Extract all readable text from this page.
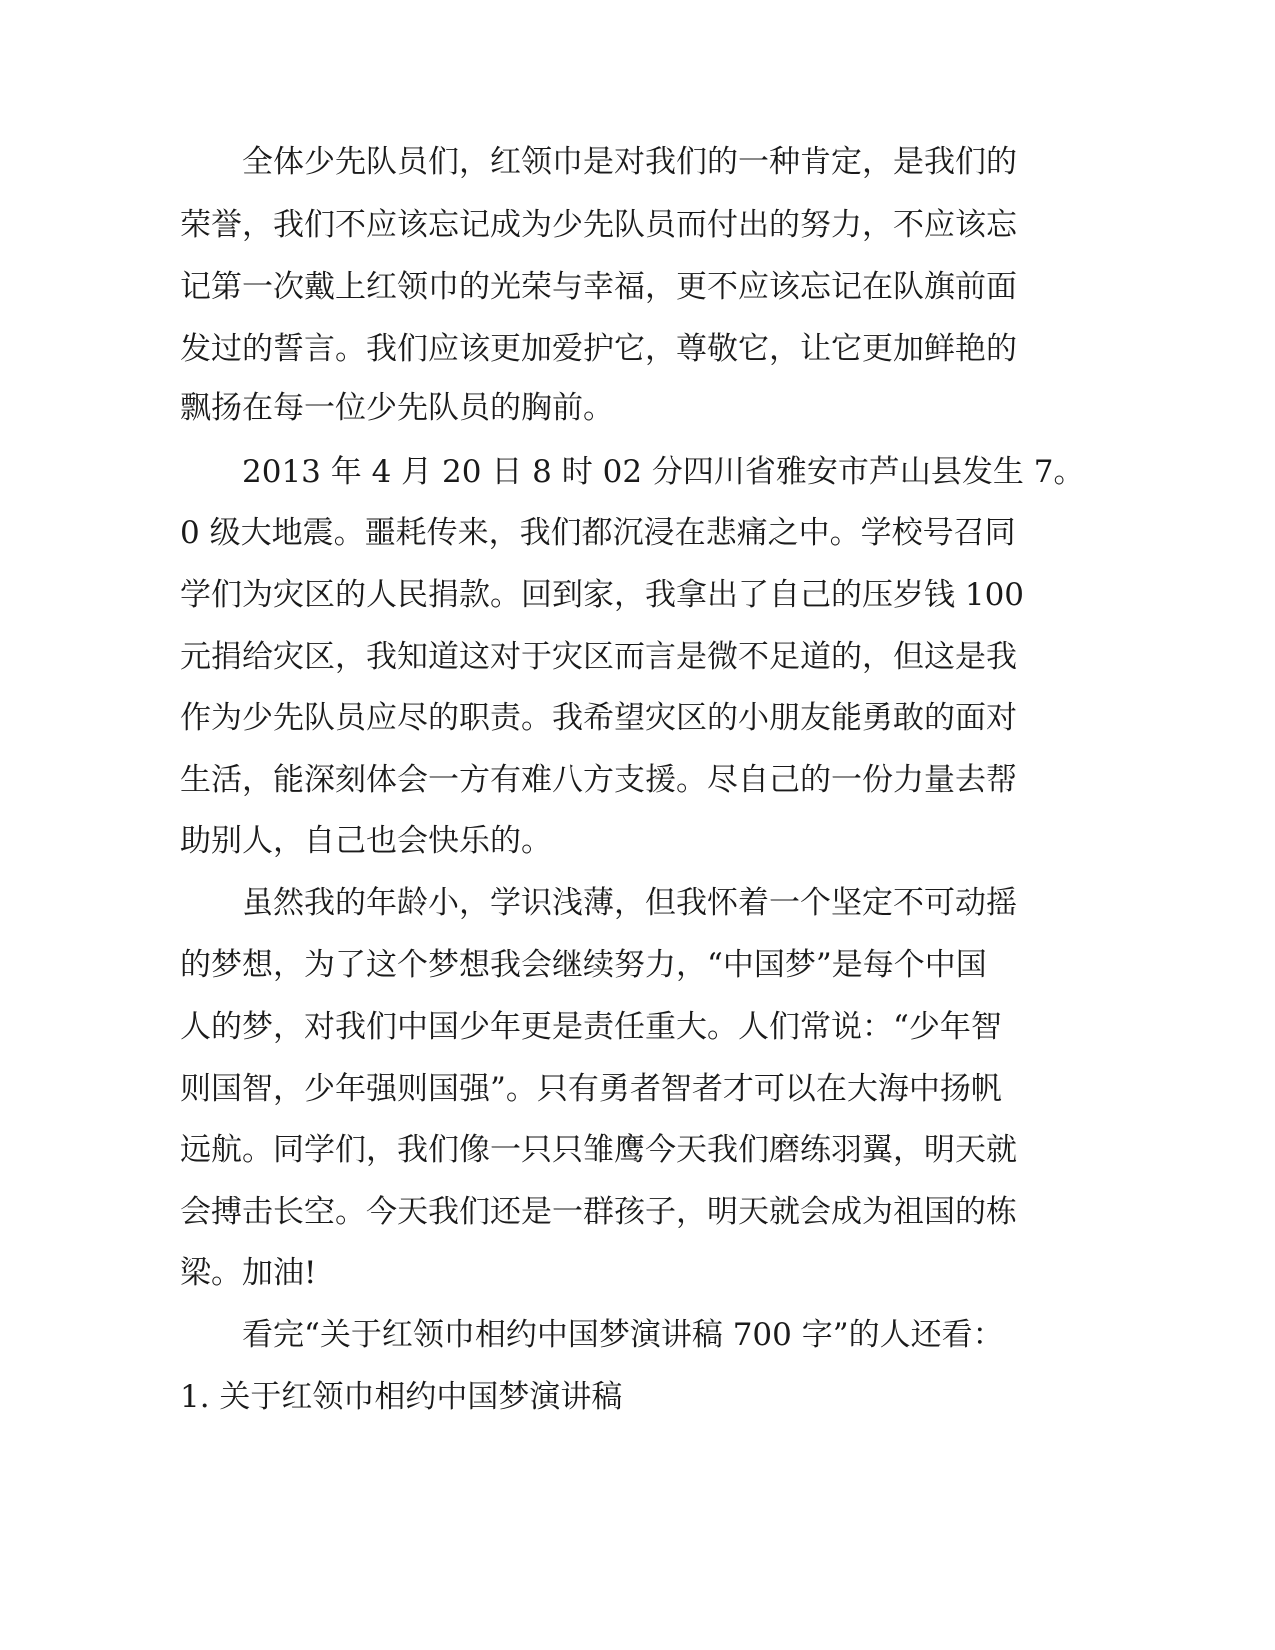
全体少先队员们，红领巾是对我们的一种肯定，是我们的
荣誉，我们不应该忘记成为少先队员而付出的努力，不应该忘
记第一次戴上红领巾的光荣与幸福，更不应该忘记在队旗前面
发过的誓言。我们应该更加爱护它，尊敬它，让它更加鲜艳的
飘扬在每一位少先队员的胸前。
2013 年 4 月 20 日 8 时 02 分四川省雅安市芦山县发生 7。
0 级大地震。噩耗传来，我们都沉浸在悲痛之中。学校号召同
学们为灾区的人民捐款。回到家，我拿出了自己的压岁钱 100
元捐给灾区，我知道这对于灾区而言是微不足道的，但这是我
作为少先队员应尽的职责。我希望灾区的小朋友能勇敢的面对
生活，能深刻体会一方有难八方支援。尽自己的一份力量去帮
助别人，自己也会快乐的。
虽然我的年龄小，学识浅薄，但我怀着一个坚定不可动摇
的梦想，为了这个梦想我会继续努力，“中国梦”是每个中国
人的梦，对我们中国少年更是责任重大。人们常说：“少年智
则国智，少年强则国强”。只有勇者智者才可以在大海中扬帆
远航。同学们，我们像一只只雏鹰今天我们磨练羽翼，明天就
会搏击长空。今天我们还是一群孩子，明天就会成为祖国的栋
梁。加油!
看完“关于红领巾相约中国梦演讲稿 700 字”的人还看：
1. 关于红领巾相约中国梦演讲稿
